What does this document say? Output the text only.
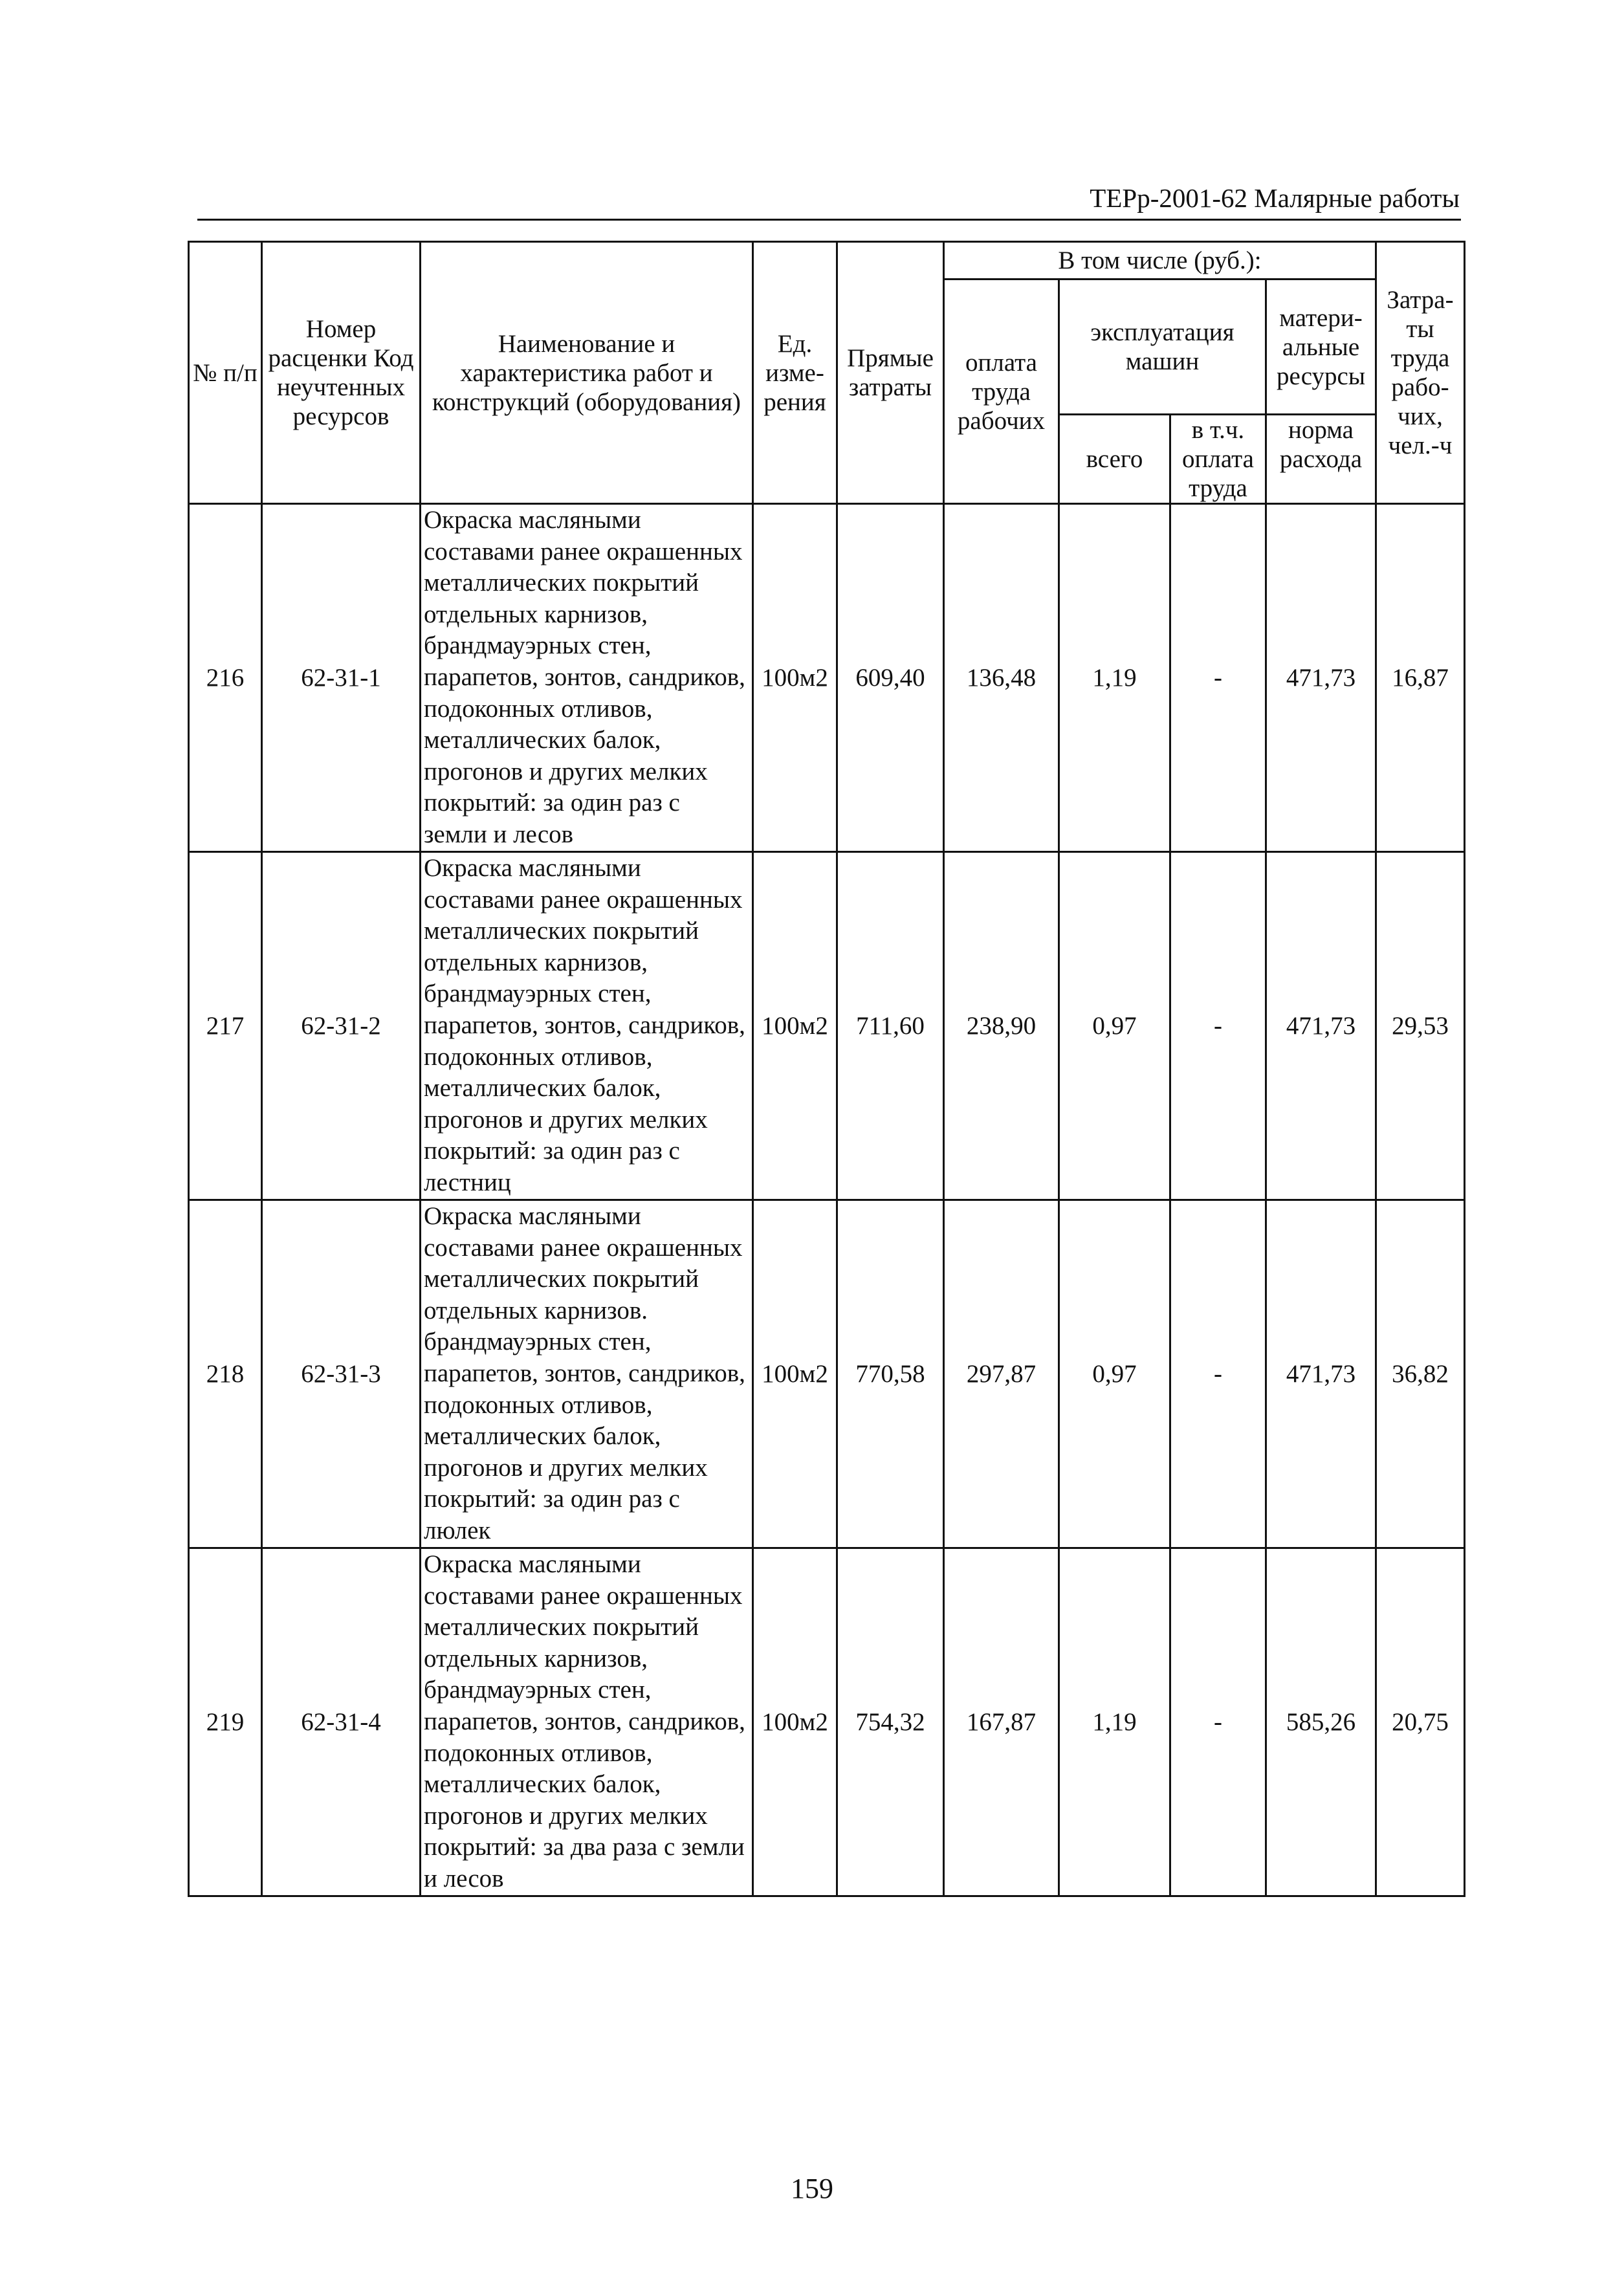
ТЕРр-2001-62 Малярные работы
№ п/п	Номер расценки Код неучтенных ресурсов	Наименование и характеристика работ и конструкций (оборудования)	Ед. изме-рения	Прямые затраты	В том числе (руб.):				Затра-ты труда рабо-чих, чел.-ч
					оплата труда рабочих	эксплуатация машин		матери-альные ресурсы	
						всего	в т.ч. оплата труда	норма расхода	

216	62-31-1	Окраска масляными составами ранее окрашенных металлических покрытий отдельных карнизов, брандмауэрных стен, парапетов, зонтов, сандриков, подоконных отливов, металлических балок, прогонов и других мелких покрытий: за один раз с земли и лесов	100м2	609,40	136,48	1,19	-	471,73	16,87
217	62-31-2	Окраска масляными составами ранее окрашенных металлических покрытий отдельных карнизов, брандмауэрных стен, парапетов, зонтов, сандриков, подоконных отливов, металлических балок, прогонов и других мелких покрытий: за один раз с лестниц	100м2	711,60	238,90	0,97	-	471,73	29,53
218	62-31-3	Окраска масляными составами ранее окрашенных металлических покрытий отдельных карнизов. брандмауэрных стен, парапетов, зонтов, сандриков, подоконных отливов, металлических балок, прогонов и других мелких покрытий: за один раз с люлек	100м2	770,58	297,87	0,97	-	471,73	36,82
219	62-31-4	Окраска масляными составами ранее окрашенных металлических покрытий отдельных карнизов, брандмауэрных стен, парапетов, зонтов, сандриков, подоконных отливов, металлических балок, прогонов и других мелких покрытий: за два раза с земли и лесов	100м2	754,32	167,87	1,19	-	585,26	20,75
159
